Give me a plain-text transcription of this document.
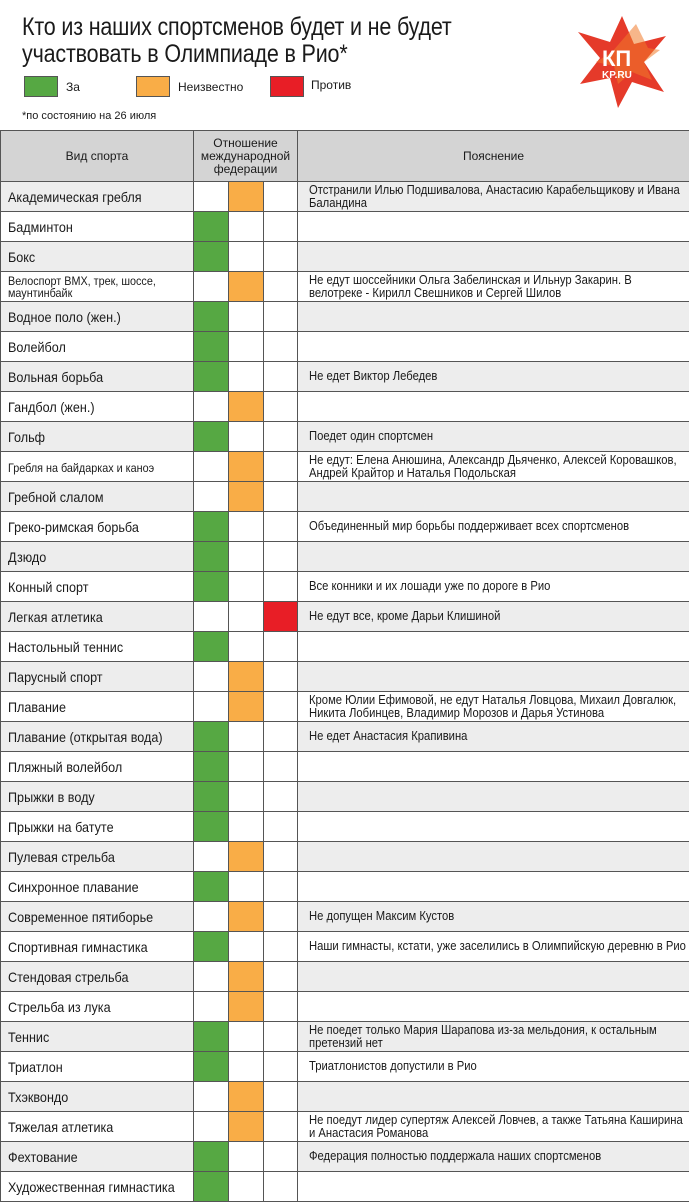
Кто из наших спортсменов будет и не будет участвовать в Олимпиаде в Рио*	КП
KP.RU
За	Неизвестно	Против
*по состоянию на 26 июля
Вид спорта	Отношение международной федерации			Пояснение
Академическая гребля				Отстранили Илью Подшивалова, Анастасию Карабельщикову и Ивана Баландина
Бадминтон				
Бокс				
Велоспорт BMX, трек, шоссе, маунтинбайк				Не едут шоссейники Ольга Забелинская и Ильнур Закарин. В велотреке - Кирилл Свешников и Сергей Шилов
Водное поло (жен.)				
Волейбол				
Вольная борьба				Не едет Виктор Лебедев
Гандбол (жен.)				
Гольф				Поедет один спортсмен
Гребля на байдарках и каноэ				Не едут: Елена Анюшина, Александр Дьяченко, Алексей Коровашков, Андрей Крайтор и Наталья Подольская
Гребной слалом				
Греко-римская борьба				Объединенный мир борьбы поддерживает всех спортсменов
Дзюдо				
Конный спорт				Все конники и их лошади уже по дороге в Рио
Легкая атлетика				Не едут все, кроме Дарьи Клишиной
Настольный теннис				
Парусный спорт				
Плавание				Кроме Юлии Ефимовой, не едут Наталья Ловцова, Михаил Довгалюк, Никита Лобинцев, Владимир Морозов и Дарья Устинова
Плавание (открытая вода)				Не едет Анастасия Крапивина
Пляжный волейбол				
Прыжки в воду				
Прыжки на батуте				
Пулевая стрельба				
Синхронное плавание				
Современное пятиборье				Не допущен Максим Кустов
Спортивная гимнастика				Наши гимнасты, кстати, уже заселились в Олимпийскую деревню в Рио
Стендовая стрельба				
Стрельба из лука				
Теннис				Не поедет только Мария Шарапова из-за мельдония, к остальным претензий нет
Триатлон				Триатлонистов допустили в Рио
Тхэквондо				
Тяжелая атлетика				Не поедут лидер супертяж Алексей Ловчев, а также Татьяна Каширина и Анастасия Романова
Фехтование				Федерация полностью поддержала наших спортсменов
Художественная гимнастика				
